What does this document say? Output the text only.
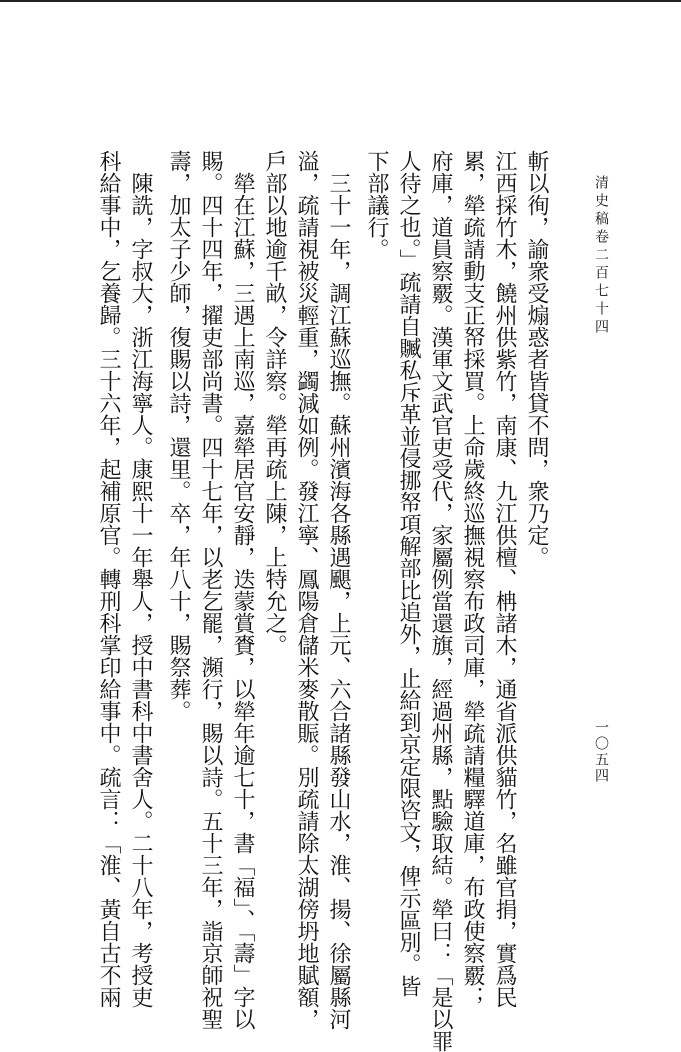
清史稿卷二百七十四
一〇五四
斬以徇，諭衆受煽惑者皆貸不問，衆乃定。
江西採竹木，饒州供紫竹，南康、九江供檀、柟諸木，通省派供貓竹，名雖官捐，實爲民
累，犖疏請動支正帑採買。上命歲終巡撫視察布政司庫，犖疏請糧驛道庫，布政使察覈；
府庫，道員察覈。漢軍文武官吏受代，家屬例當還旗，經過州縣，點驗取結。犖曰：「是以罪
人待之也。」疏請自贓私斥革並侵挪帑項解部比追外，止給到京定限咨文，俾示區別。皆
下部議行。
三十一年，調江蘇巡撫。蘇州濱海各縣遇颶，上元、六合諸縣發山水，淮、揚、徐屬縣河
溢，疏請視被災輕重，蠲減如例。發江寧、鳳陽倉儲米麥散賑。別疏請除太湖傍坍地賦額，
戶部以地逾千畝，令詳察。犖再疏上陳，上特允之。
犖在江蘇，三遇上南巡，嘉犖居官安靜，迭蒙賞賚，以犖年逾七十，書「福」、「壽」字以
賜。四十四年，擢吏部尚書。四十七年，以老乞罷，瀕行，賜以詩。五十三年，詣京師祝聖
壽，加太子少師，復賜以詩，還里。卒，年八十，賜祭葬。
陳詵，字叔大，浙江海寧人。康熙十一年舉人，授中書科中書舍人。二十八年，考授吏
科給事中，乞養歸。三十六年，起補原官。轉刑科掌印給事中。疏言：「淮、黃自古不兩
